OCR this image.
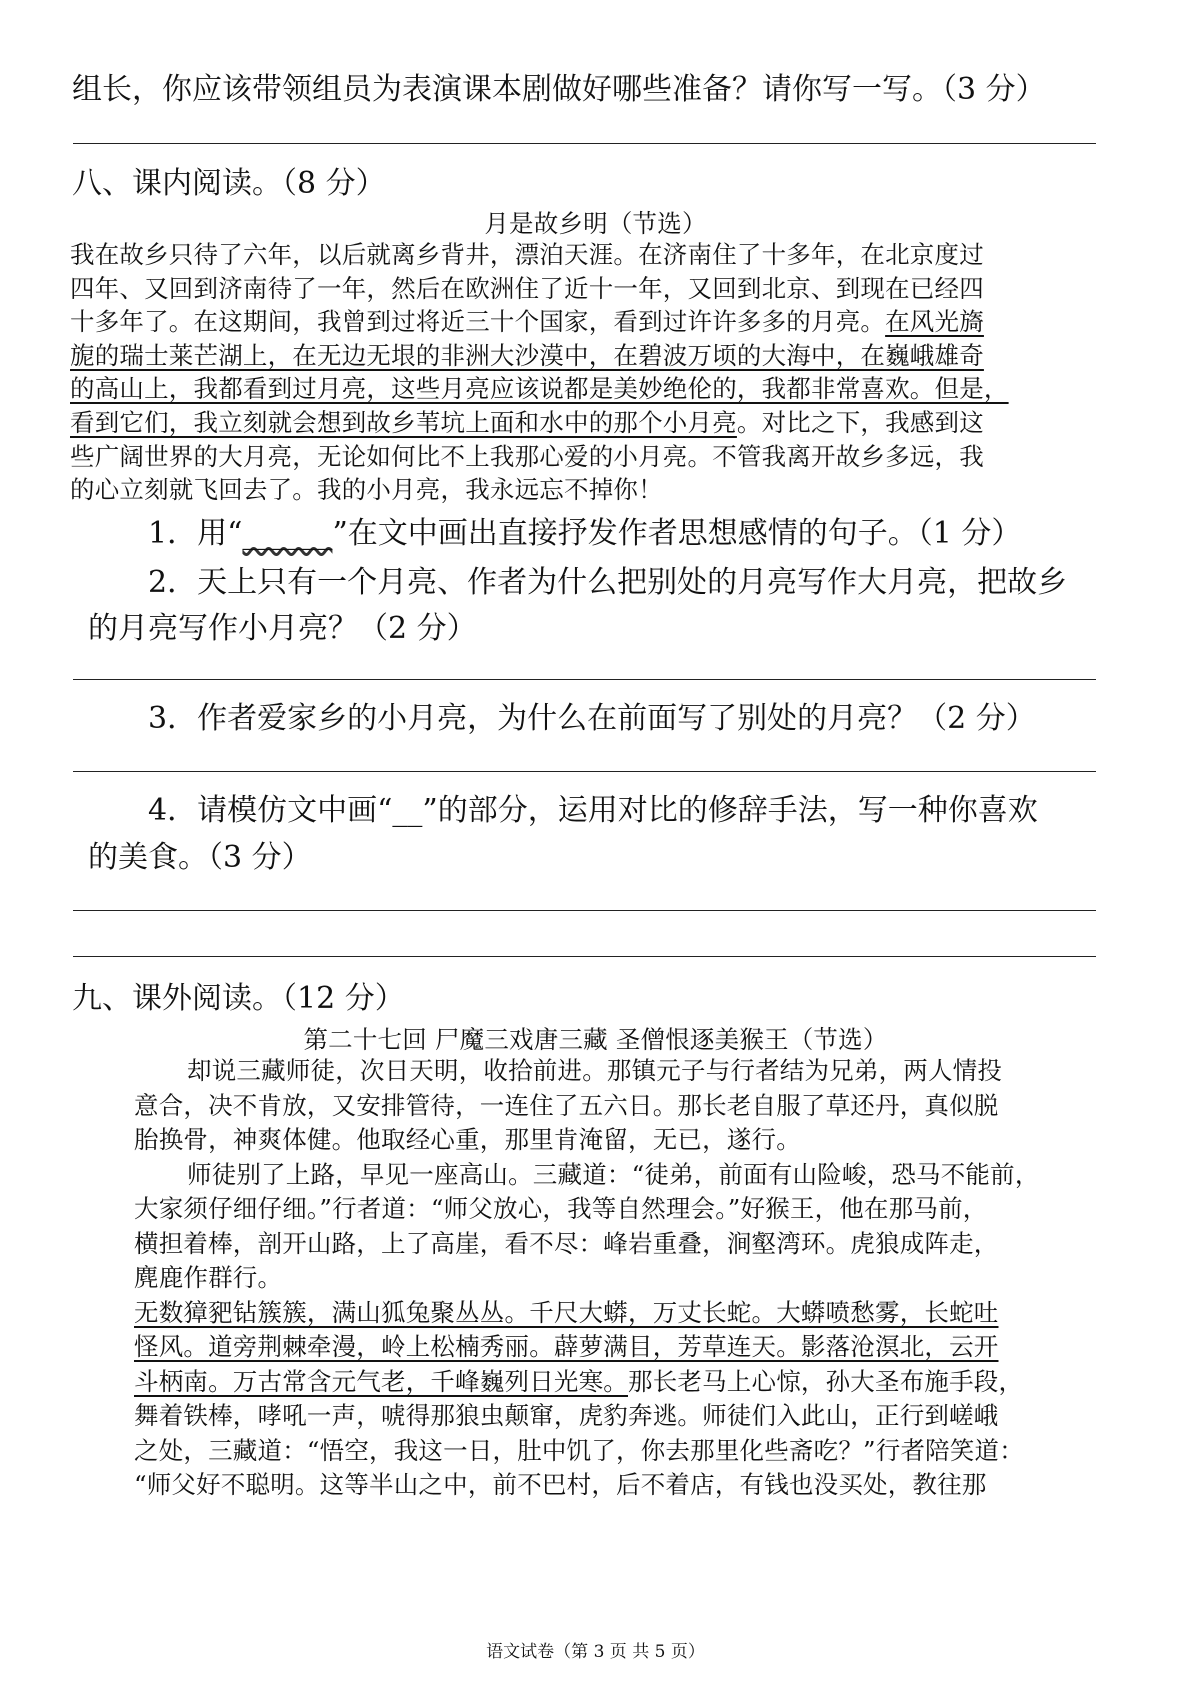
组长，你应该带领组员为表演课本剧做好哪些准备？请你写一写。（3 分）
八、课内阅读。（8 分）
月是故乡明（节选）
我在故乡只待了六年，以后就离乡背井，漂泊天涯。在济南住了十多年，在北京度过
四年、又回到济南待了一年，然后在欧洲住了近十一年，又回到北京、到现在已经四
十多年了。在这期间，我曾到过将近三十个国家，看到过许许多多的月亮。在风光旖
旎的瑞士莱芒湖上，在无边无垠的非洲大沙漠中，在碧波万顷的大海中，在巍峨雄奇
的高山上，我都看到过月亮，这些月亮应该说都是美妙绝伦的，我都非常喜欢。但是，
看到它们，我立刻就会想到故乡苇坑上面和水中的那个小月亮。对比之下，我感到这
些广阔世界的大月亮，无论如何比不上我那心爱的小月亮。不管我离开故乡多远，我
的心立刻就飞回去了。我的小月亮，我永远忘不掉你！
1．用“______”在文中画出直接抒发作者思想感情的句子。（1 分）
2．天上只有一个月亮、作者为什么把别处的月亮写作大月亮，把故乡
的月亮写作小月亮？（2 分）
3．作者爱家乡的小月亮，为什么在前面写了别处的月亮？（2 分）
4．请模仿文中画“__”的部分，运用对比的修辞手法，写一种你喜欢
的美食。（3 分）
九、课外阅读。（12 分）
第二十七回 尸魔三戏唐三藏 圣僧恨逐美猴王（节选）
却说三藏师徒，次日天明，收拾前进。那镇元子与行者结为兄弟，两人情投
意合，决不肯放，又安排管待，一连住了五六日。那长老自服了草还丹，真似脱
胎换骨，神爽体健。他取经心重，那里肯淹留，无已，遂行。
师徒别了上路，早见一座高山。三藏道：“徒弟，前面有山险峻，恐马不能前，
大家须仔细仔细。”行者道：“师父放心，我等自然理会。”好猴王，他在那马前，
横担着棒，剖开山路，上了高崖，看不尽：峰岩重叠，涧壑湾环。虎狼成阵走，
麂鹿作群行。
无数獐豝钻簇簇，满山狐兔聚丛丛。千尺大蟒，万丈长蛇。大蟒喷愁雾，长蛇吐
怪风。道旁荆棘牵漫，岭上松楠秀丽。薜萝满目，芳草连天。影落沧溟北，云开
斗柄南。万古常含元气老，千峰巍列日光寒。那长老马上心惊，孙大圣布施手段，
舞着铁棒，哮吼一声，唬得那狼虫颠窜，虎豹奔逃。师徒们入此山，正行到嵯峨
之处，三藏道：“悟空，我这一日，肚中饥了，你去那里化些斋吃？”行者陪笑道：
“师父好不聪明。这等半山之中，前不巴村，后不着店，有钱也没买处，教往那
语文试卷（第 3 页 共 5 页）
